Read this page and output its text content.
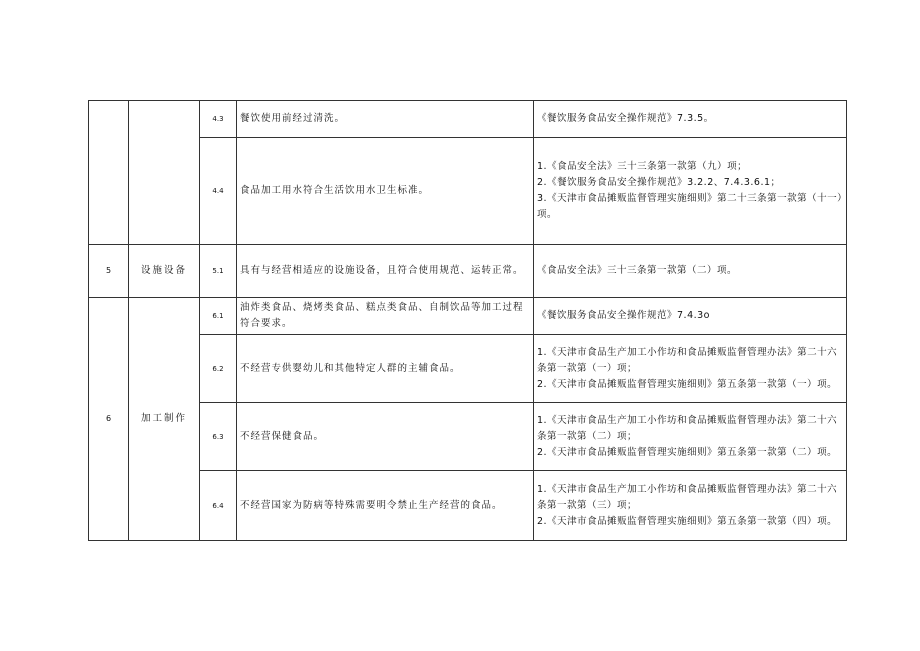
		4.3	餐饮使用前经过清洗。	《餐饮服务食品安全操作规范》7.3.5。

		4.4	食品加工用水符合生活饮用水卫生标准。	1.《食品安全法》三十三条第一款第（九）项；
2.《餐饮服务食品安全操作规范》3.2.2、7.4.3.6.1；
3.《天津市食品摊贩监督管理实施细则》第二十三条第一款第（十一）项。

5	设施设备	5.1	具有与经营相适应的设施设备，且符合使用规范、运转正常。	《食品安全法》三十三条第一款第（二）项。

6	加工制作	6.1	油炸类食品、烧烤类食品、糕点类食品、自制饮品等加工过程符合要求。	《餐饮服务食品安全操作规范》7.4.3o

		6.2	不经营专供婴幼儿和其他特定人群的主辅食品。	1.《天津市食品生产加工小作坊和食品摊贩监督管理办法》第二十六条第一款第（一）项；
2.《天津市食品摊贩监督管理实施细则》第五条第一款第（一）项。

		6.3	不经营保健食品。	1.《天津市食品生产加工小作坊和食品摊贩监督管理办法》第二十六条第一款第（二）项；
2.《天津市食品摊贩监督管理实施细则》第五条第一款第（二）项。

		6.4	不经营国家为防病等特殊需要明令禁止生产经营的食品。	1.《天津市食品生产加工小作坊和食品摊贩监督管理办法》第二十六条第一款第（三）项；
2.《天津市食品摊贩监督管理实施细则》第五条第一款第（四）项。
